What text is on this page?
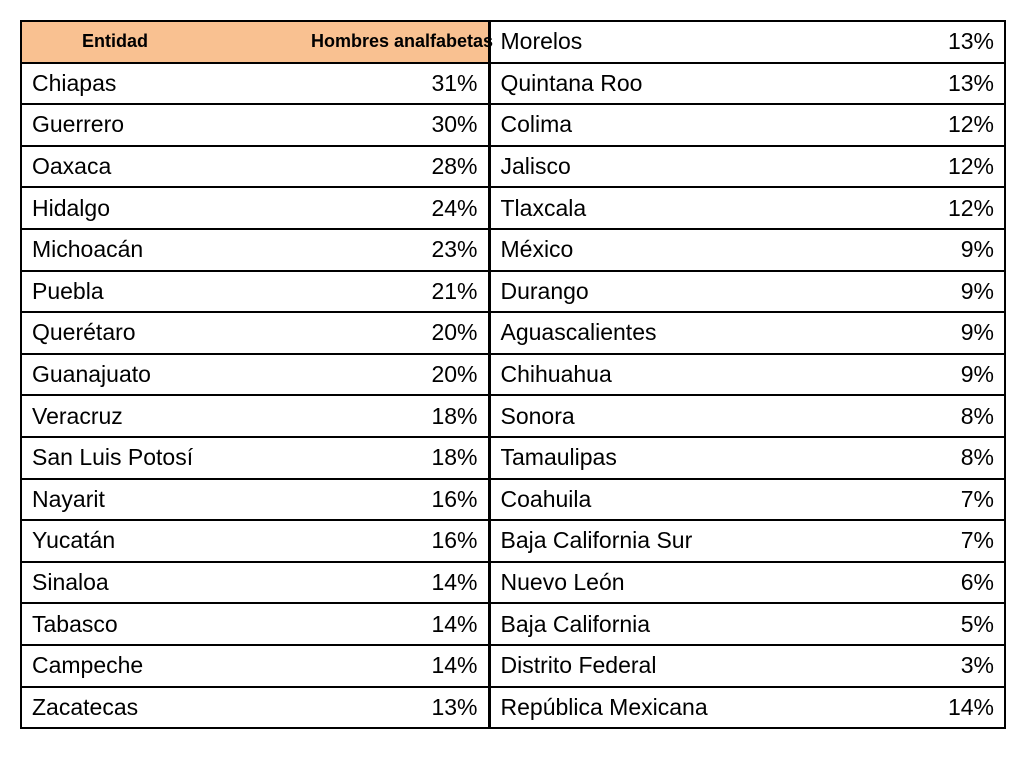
Entidad	Hombres analfabetas	Morelos	13%
Chiapas	31%	Quintana Roo	13%
Guerrero	30%	Colima	12%
Oaxaca	28%	Jalisco	12%
Hidalgo	24%	Tlaxcala	12%
Michoacán	23%	México	9%
Puebla	21%	Durango	9%
Querétaro	20%	Aguascalientes	9%
Guanajuato	20%	Chihuahua	9%
Veracruz	18%	Sonora	8%
San Luis Potosí	18%	Tamaulipas	8%
Nayarit	16%	Coahuila	7%
Yucatán	16%	Baja California Sur	7%
Sinaloa	14%	Nuevo León	6%
Tabasco	14%	Baja California	5%
Campeche	14%	Distrito Federal	3%
Zacatecas	13%	República Mexicana	14%
